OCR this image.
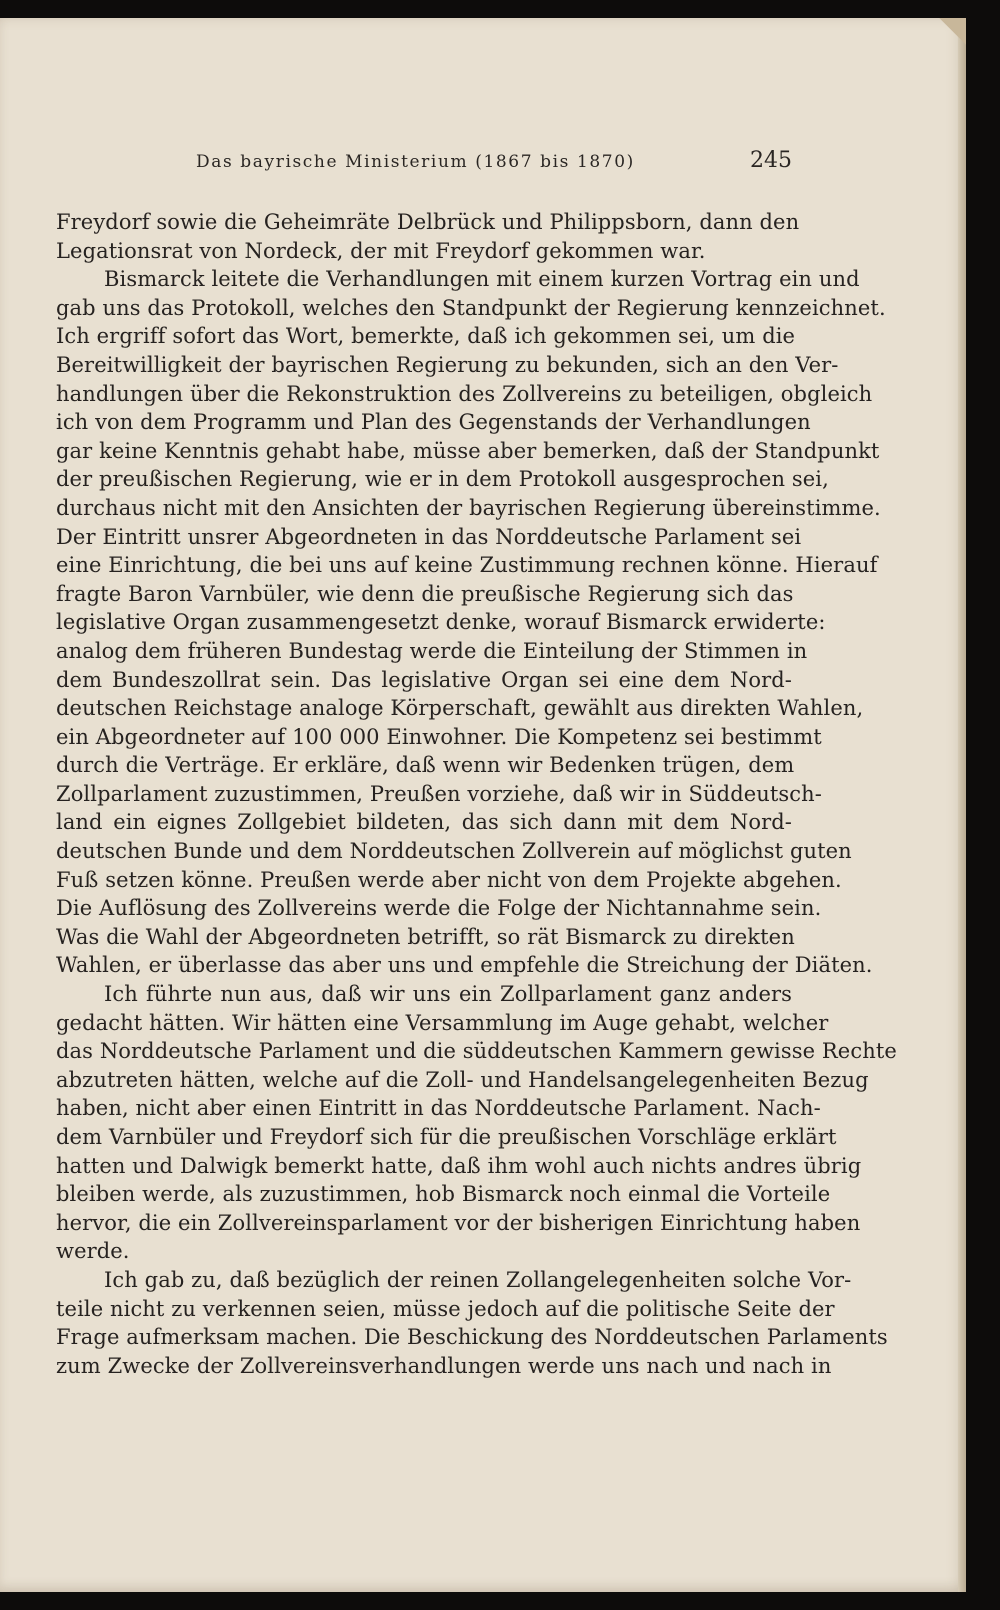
Das bayrische Ministerium (1867 bis 1870)	245
Freydorf sowie die Geheimräte Delbrück und Philippsborn, dann den
Legationsrat von Nordeck, der mit Freydorf gekommen war.
Bismarck leitete die Verhandlungen mit einem kurzen Vortrag ein und
gab uns das Protokoll, welches den Standpunkt der Regierung kennzeichnet.
Ich ergriff sofort das Wort, bemerkte, daß ich gekommen sei, um die
Bereitwilligkeit der bayrischen Regierung zu bekunden, sich an den Ver-
handlungen über die Rekonstruktion des Zollvereins zu beteiligen, obgleich
ich von dem Programm und Plan des Gegenstands der Verhandlungen
gar keine Kenntnis gehabt habe, müsse aber bemerken, daß der Standpunkt
der preußischen Regierung, wie er in dem Protokoll ausgesprochen sei,
durchaus nicht mit den Ansichten der bayrischen Regierung übereinstimme.
Der Eintritt unsrer Abgeordneten in das Norddeutsche Parlament sei
eine Einrichtung, die bei uns auf keine Zustimmung rechnen könne. Hierauf
fragte Baron Varnbüler, wie denn die preußische Regierung sich das
legislative Organ zusammengesetzt denke, worauf Bismarck erwiderte:
analog dem früheren Bundestag werde die Einteilung der Stimmen in
dem Bundeszollrat sein. Das legislative Organ sei eine dem Nord-
deutschen Reichstage analoge Körperschaft, gewählt aus direkten Wahlen,
ein Abgeordneter auf 100 000 Einwohner. Die Kompetenz sei bestimmt
durch die Verträge. Er erkläre, daß wenn wir Bedenken trügen, dem
Zollparlament zuzustimmen, Preußen vorziehe, daß wir in Süddeutsch-
land ein eignes Zollgebiet bildeten, das sich dann mit dem Nord-
deutschen Bunde und dem Norddeutschen Zollverein auf möglichst guten
Fuß setzen könne. Preußen werde aber nicht von dem Projekte abgehen.
Die Auflösung des Zollvereins werde die Folge der Nichtannahme sein.
Was die Wahl der Abgeordneten betrifft, so rät Bismarck zu direkten
Wahlen, er überlasse das aber uns und empfehle die Streichung der Diäten.
Ich führte nun aus, daß wir uns ein Zollparlament ganz anders
gedacht hätten. Wir hätten eine Versammlung im Auge gehabt, welcher
das Norddeutsche Parlament und die süddeutschen Kammern gewisse Rechte
abzutreten hätten, welche auf die Zoll- und Handelsangelegenheiten Bezug
haben, nicht aber einen Eintritt in das Norddeutsche Parlament. Nach-
dem Varnbüler und Freydorf sich für die preußischen Vorschläge erklärt
hatten und Dalwigk bemerkt hatte, daß ihm wohl auch nichts andres übrig
bleiben werde, als zuzustimmen, hob Bismarck noch einmal die Vorteile
hervor, die ein Zollvereinsparlament vor der bisherigen Einrichtung haben
werde.
Ich gab zu, daß bezüglich der reinen Zollangelegenheiten solche Vor-
teile nicht zu verkennen seien, müsse jedoch auf die politische Seite der
Frage aufmerksam machen. Die Beschickung des Norddeutschen Parlaments
zum Zwecke der Zollvereinsverhandlungen werde uns nach und nach in
